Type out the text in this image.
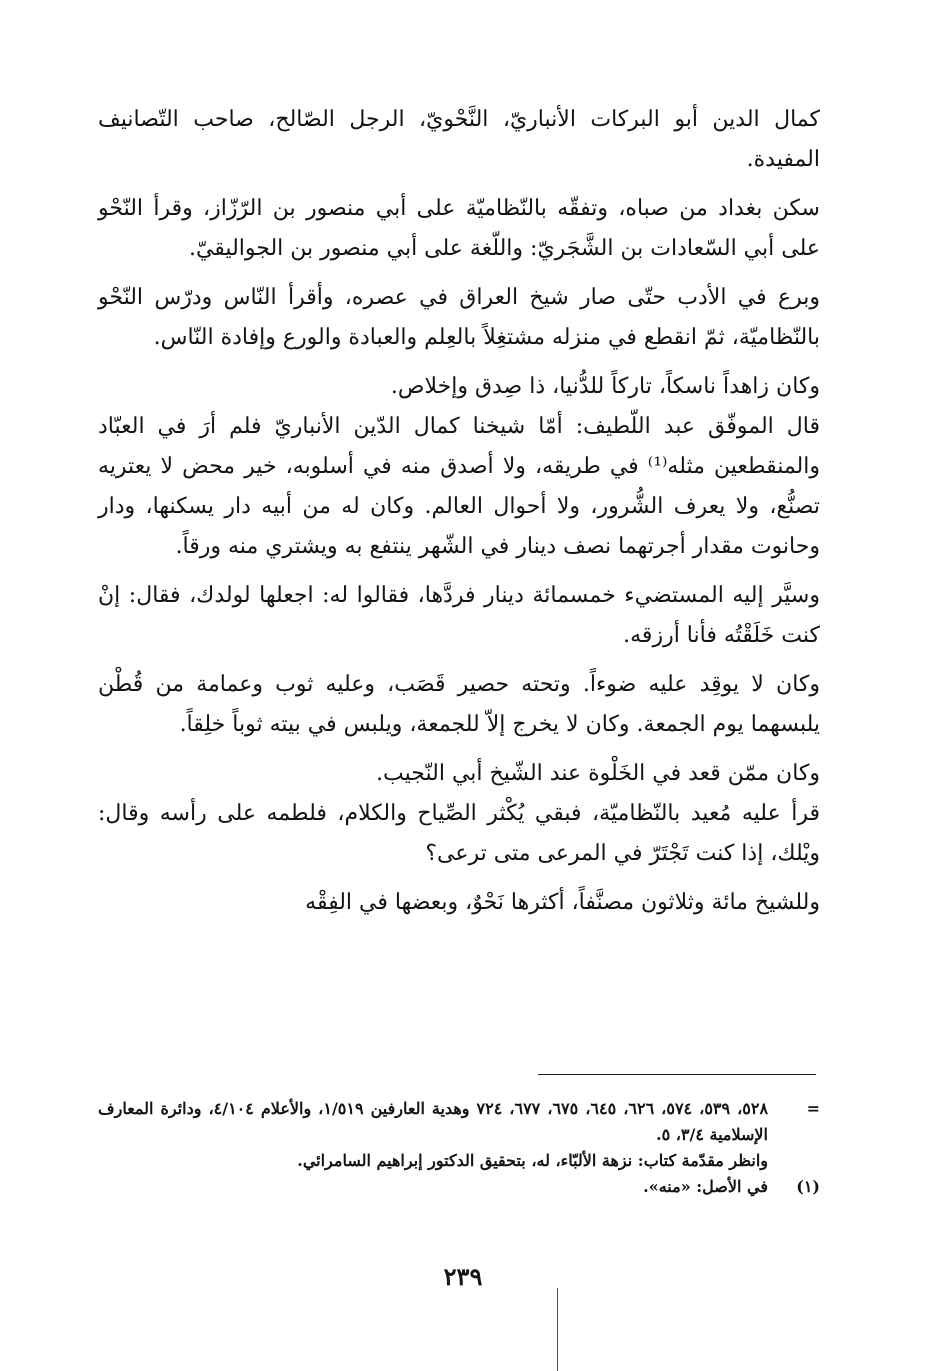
كمال الدين أبو البركات الأنباريّ، النَّحْويّ، الرجل الصّالح، صاحب التّصانيف المفيدة.

سكن بغداد من صباه، وتفقّه بالنّظاميّة على أبي منصور بن الرّزّاز، وقرأ النّحْو على أبي السّعادات بن الشَّجَريّ: واللّغة على أبي منصور بن الجواليقيّ.

وبرع في الأدب حتّى صار شيخ العراق في عصره، وأقرأ النّاس ودرّس النّحْو بالنّظاميّة، ثمّ انقطع في منزله مشتغِلاً بالعِلم والعبادة والورع وإفادة النّاس.

وكان زاهداً ناسكاً، تاركاً للدُّنيا، ذا صِدق وإخلاص.

قال الموفّق عبد اللّطيف: أمّا شيخنا كمال الدّين الأنباريّ فلم أرَ في العبّاد والمنقطعين مثله⁽¹⁾ في طريقه، ولا أصدق منه في أسلوبه، خير محض لا يعتريه تصنُّع، ولا يعرف الشُّرور، ولا أحوال العالم. وكان له من أبيه دار يسكنها، ودار وحانوت مقدار أجرتهما نصف دينار في الشّهر ينتفع به ويشتري منه ورقاً.

وسيَّر إليه المستضيء خمسمائة دينار فردَّها، فقالوا له: اجعلها لولدك، فقال: إنْ كنت خَلَقْتُه فأنا أرزقه.

وكان لا يوقِد عليه ضوءاً. وتحته حصير قَصَب، وعليه ثوب وعمامة من قُطْن يلبسهما يوم الجمعة. وكان لا يخرج إلاّ للجمعة، ويلبس في بيته ثوباً خلِقاً.

وكان ممّن قعد في الخَلْوة عند الشّيخ أبي النّجيب.

قرأ عليه مُعيد بالنّظاميّة، فبقي يُكْثر الصِّياح والكلام، فلطمه على رأسه وقال: ويْلك، إذا كنت تَجْتَرّ في المرعى متى ترعى؟

وللشيخ مائة وثلاثون مصنَّفاً، أكثرها نَحْوٌ، وبعضها في الفِقْه

=
٥٢٨، ٥٣٩، ٥٧٤، ٦٢٦، ٦٤٥، ٦٧٥، ٦٧٧، ٧٢٤ وهدية العارفين ١/٥١٩، والأعلام ٤/١٠٤، ودائرة المعارف الإسلامية ٣/٤، ٥.
وانظر مقدّمة كتاب: نزهة الألبّاء، له، بتحقيق الدكتور إبراهيم السامرائي.
(١)
في الأصل: «منه».
٢٣٩
